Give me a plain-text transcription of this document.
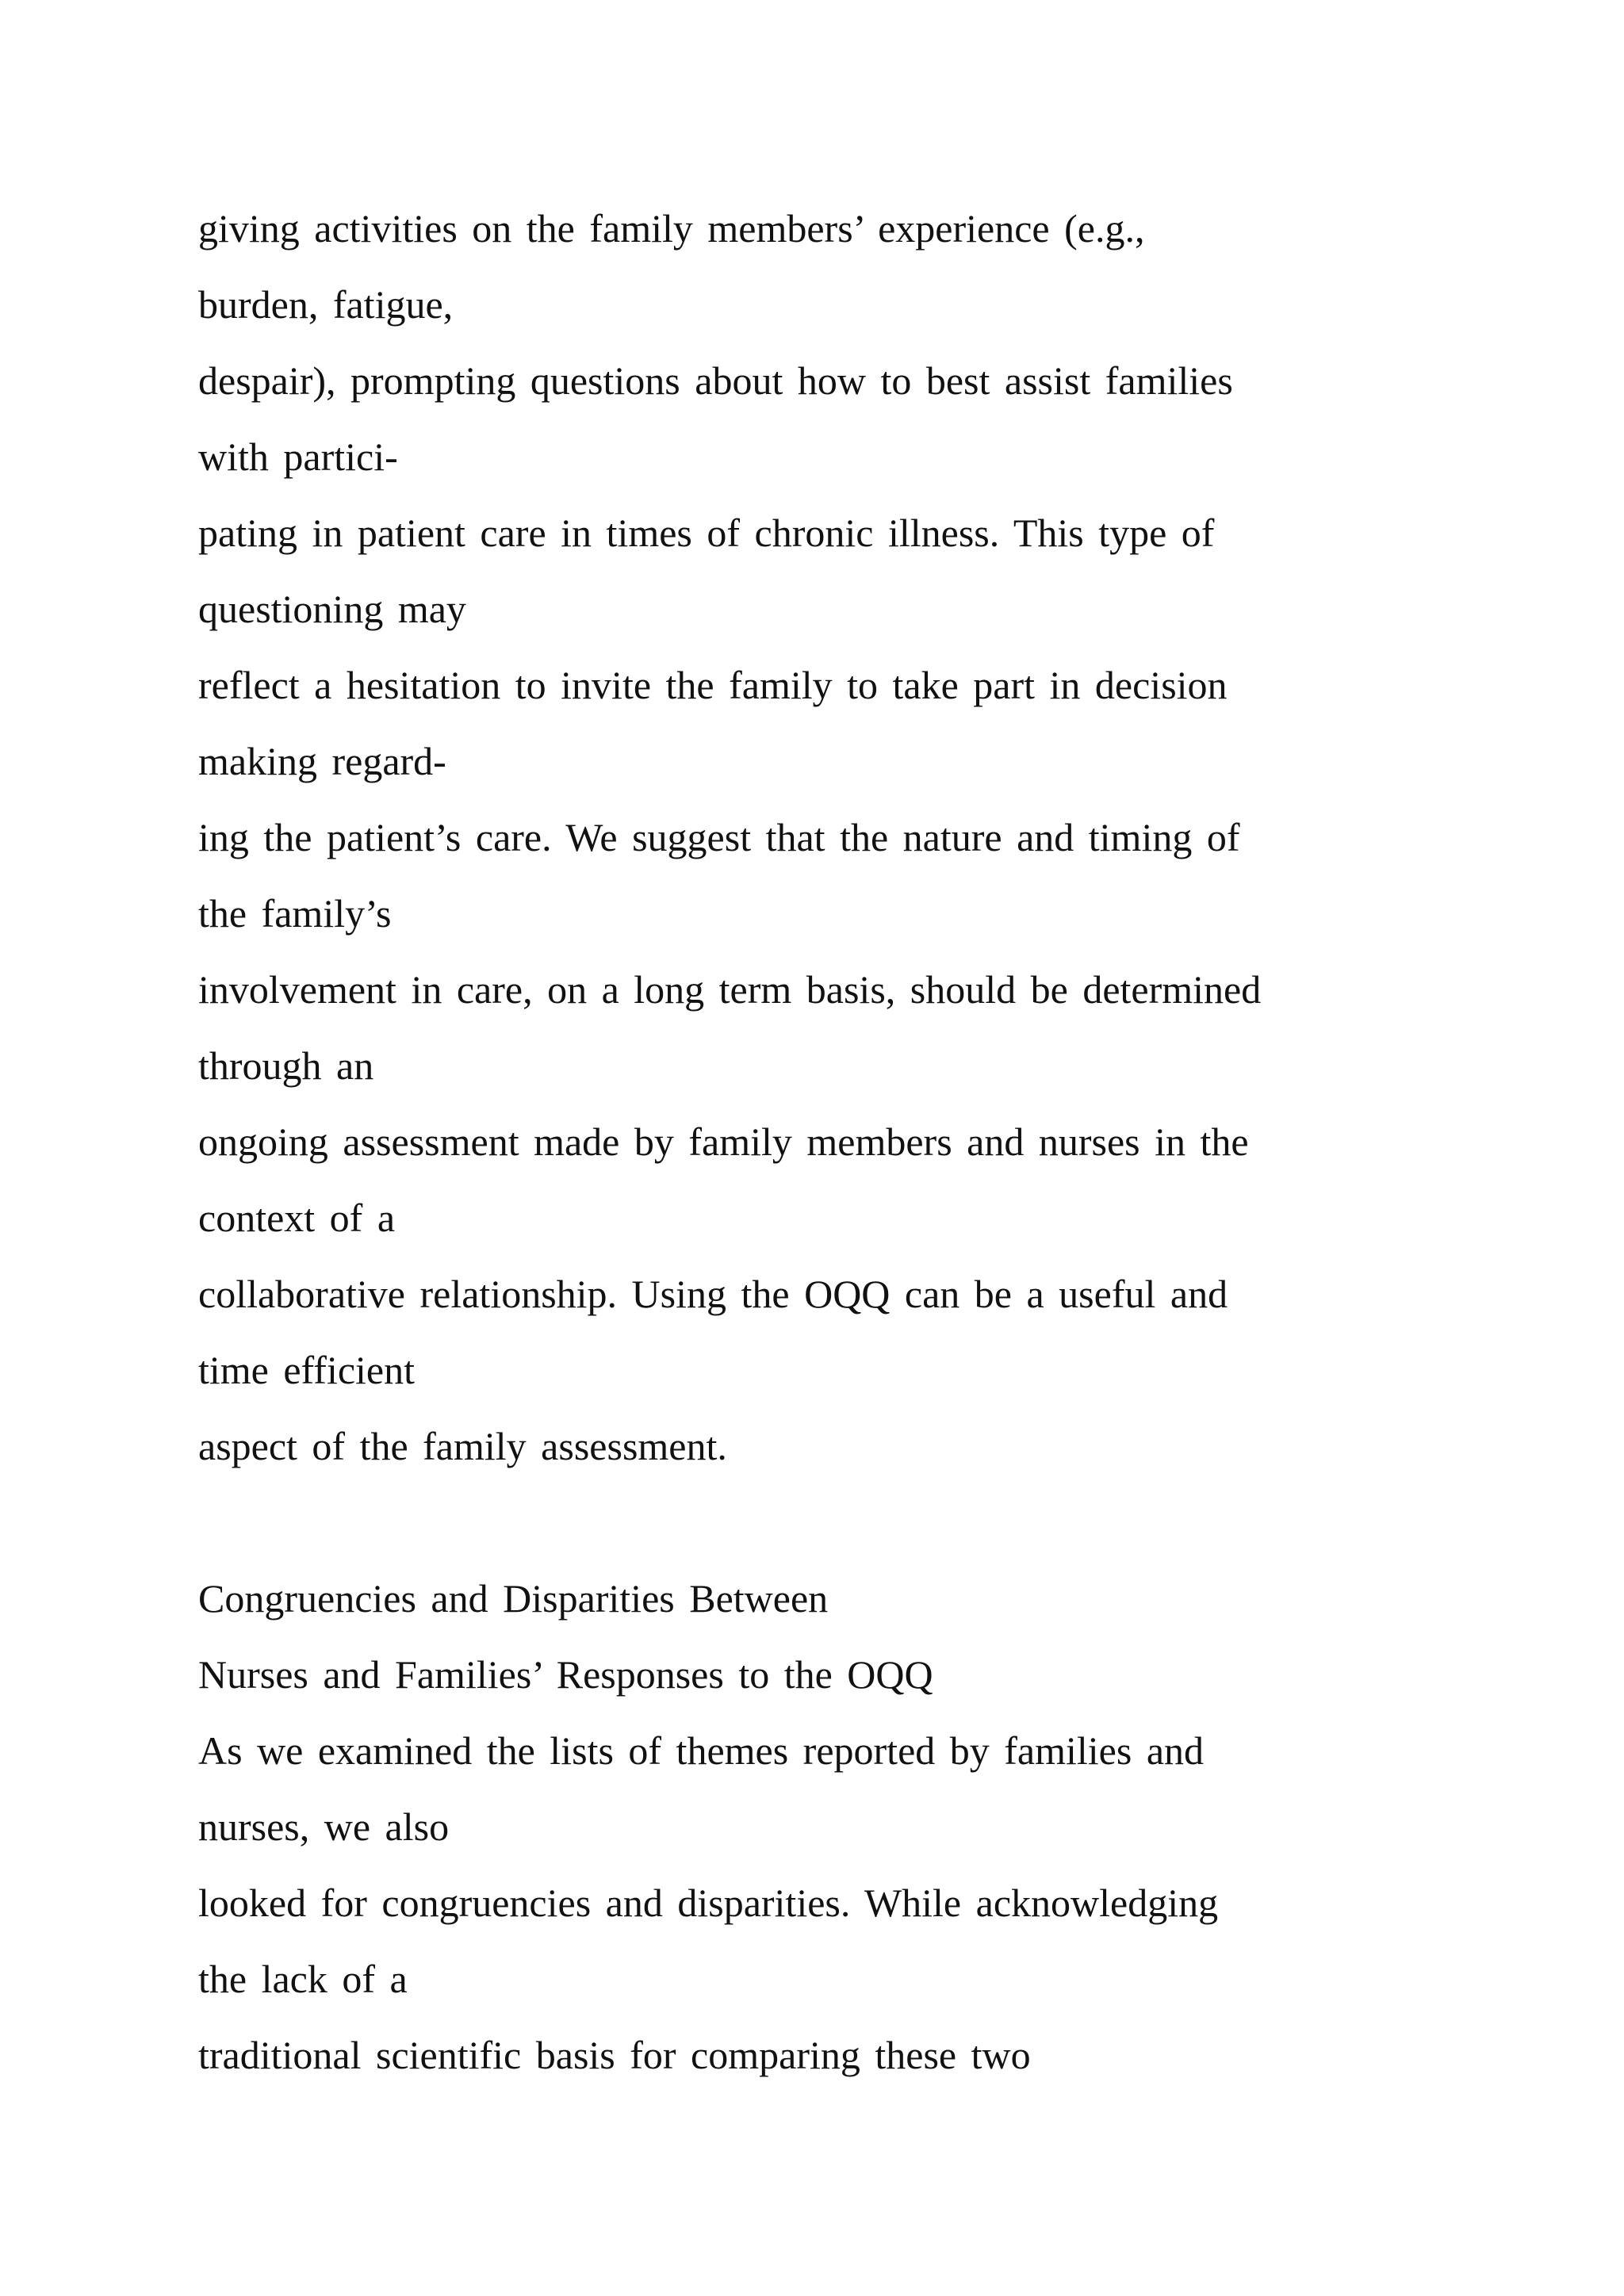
giving activities on the family members’ experience (e.g.,
burden, fatigue,
despair), prompting questions about how to best assist families
with partici-
pating in patient care in times of chronic illness. This type of
questioning may
reflect a hesitation to invite the family to take part in decision
making regard-
ing the patient’s care. We suggest that the nature and timing of
the family’s
involvement in care, on a long term basis, should be determined
through an
ongoing assessment made by family members and nurses in the
context of a
collaborative relationship. Using the OQQ can be a useful and
time efficient
aspect of the family assessment.
Congruencies and Disparities Between
Nurses and Families’ Responses to the OQQ
As we examined the lists of themes reported by families and
nurses, we also
looked for congruencies and disparities. While acknowledging
the lack of a
traditional scientific basis for comparing these two
